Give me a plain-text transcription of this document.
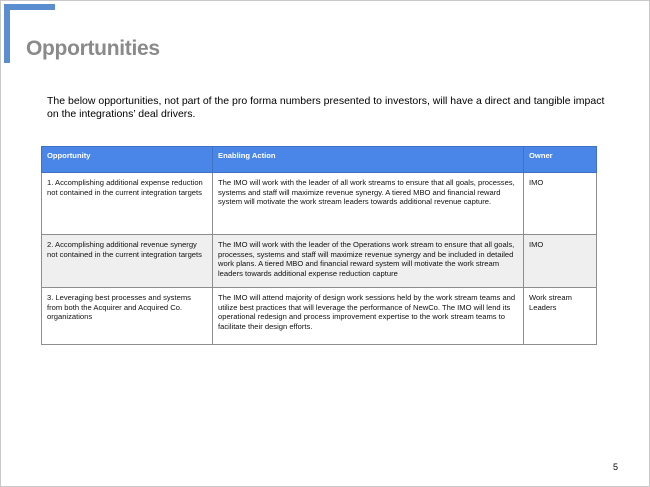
Opportunities
The below opportunities, not part of the pro forma numbers presented to investors, will have a direct and tangible impact on the integrations’ deal drivers.
Opportunity	Enabling Action	Owner
1. Accomplishing additional expense reduction not contained in the current integration targets	The IMO will work with the leader of all work streams to ensure that all goals, processes, systems and staff will maximize revenue synergy. A tiered MBO and financial reward system will motivate the work stream leaders towards additional revenue capture.	IMO
2. Accomplishing additional revenue synergy not contained in the current integration targets	The IMO will work with the leader of the Operations work stream to ensure that all goals, processes, systems and staff will maximize revenue synergy and be included in detailed work plans. A tiered MBO and financial reward system will motivate the work stream leaders towards additional expense reduction capture	IMO
3. Leveraging best processes and systems from both the Acquirer and Acquired Co. organizations	The IMO will attend majority of design work sessions held by the work stream teams and utilize best practices that will leverage the performance of NewCo. The IMO will lend its operational redesign and process improvement expertise to the work stream teams to facilitate their design efforts.	Work stream Leaders
5
